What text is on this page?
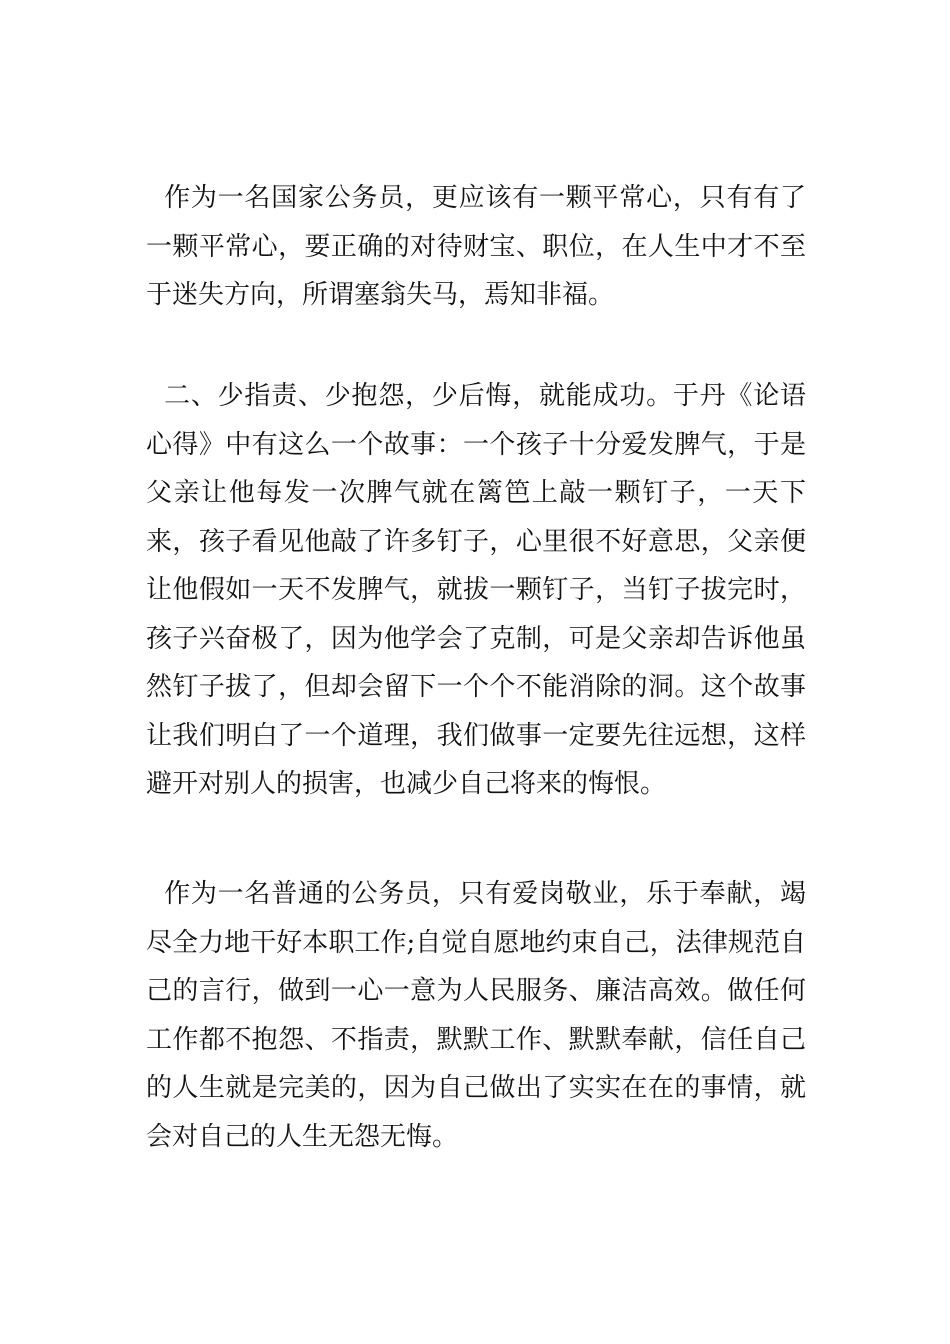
作为一名国家公务员，更应该有一颗平常心，只有有了一颗平常心，要正确的对待财宝、职位，在人生中才不至于迷失方向，所谓塞翁失马，焉知非福。

二、少指责、少抱怨，少后悔，就能成功。于丹《论语心得》中有这么一个故事：一个孩子十分爱发脾气，于是父亲让他每发一次脾气就在篱笆上敲一颗钉子，一天下来，孩子看见他敲了许多钉子，心里很不好意思，父亲便让他假如一天不发脾气，就拔一颗钉子，当钉子拔完时，孩子兴奋极了，因为他学会了克制，可是父亲却告诉他虽然钉子拔了，但却会留下一个个不能消除的洞。这个故事让我们明白了一个道理，我们做事一定要先往远想，这样避开对别人的损害，也减少自己将来的悔恨。

作为一名普通的公务员，只有爱岗敬业，乐于奉献，竭尽全力地干好本职工作;自觉自愿地约束自己，法律规范自己的言行，做到一心一意为人民服务、廉洁高效。做任何工作都不抱怨、不指责，默默工作、默默奉献，信任自己的人生就是完美的，因为自己做出了实实在在的事情，就会对自己的人生无怨无悔。
